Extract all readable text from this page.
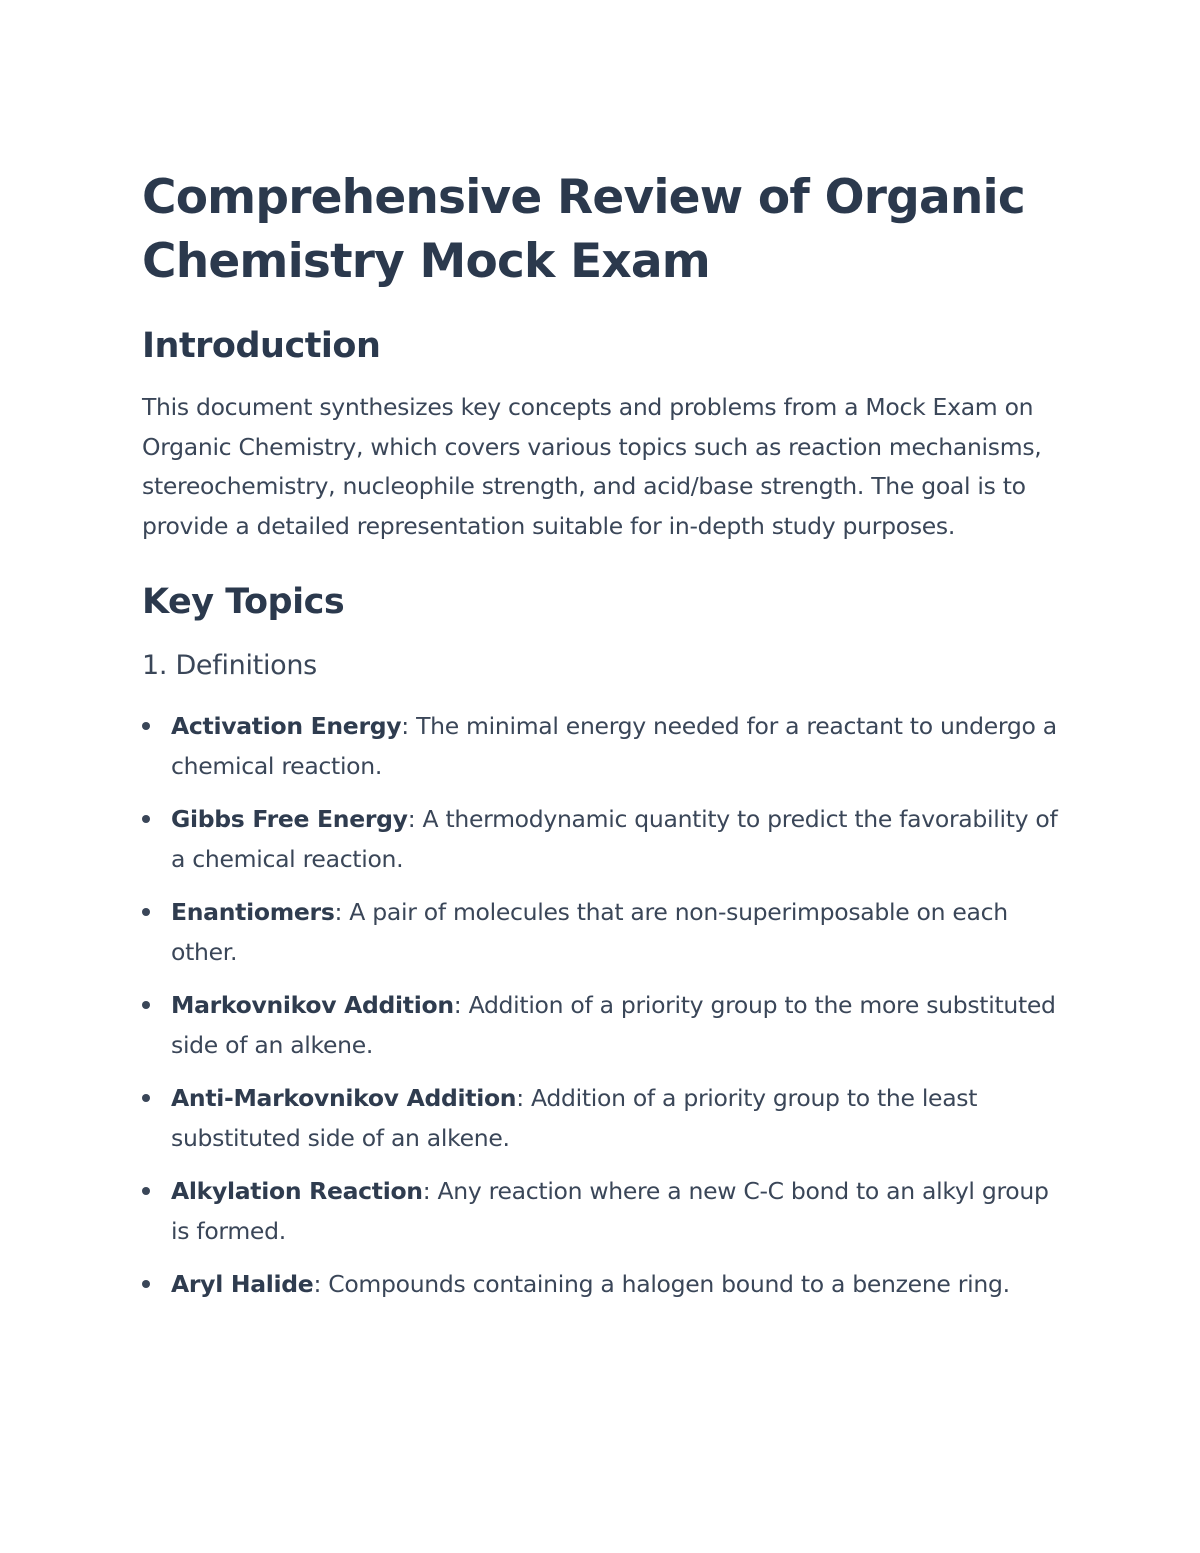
Comprehensive Review of Organic Chemistry Mock Exam
Introduction

This document synthesizes key concepts and problems from a Mock Exam on Organic Chemistry, which covers various topics such as reaction mechanisms, stereochemistry, nucleophile strength, and acid/base strength. The goal is to provide a detailed representation suitable for in-depth study purposes.

Key Topics
1. Definitions
Activation Energy: The minimal energy needed for a reactant to undergo a chemical reaction.
Gibbs Free Energy: A thermodynamic quantity to predict the favorability of a chemical reaction.
Enantiomers: A pair of molecules that are non-superimposable on each other.
Markovnikov Addition: Addition of a priority group to the more substituted side of an alkene.
Anti-Markovnikov Addition: Addition of a priority group to the least substituted side of an alkene.
Alkylation Reaction: Any reaction where a new C-C bond to an alkyl group is formed.
Aryl Halide: Compounds containing a halogen bound to a benzene ring.
